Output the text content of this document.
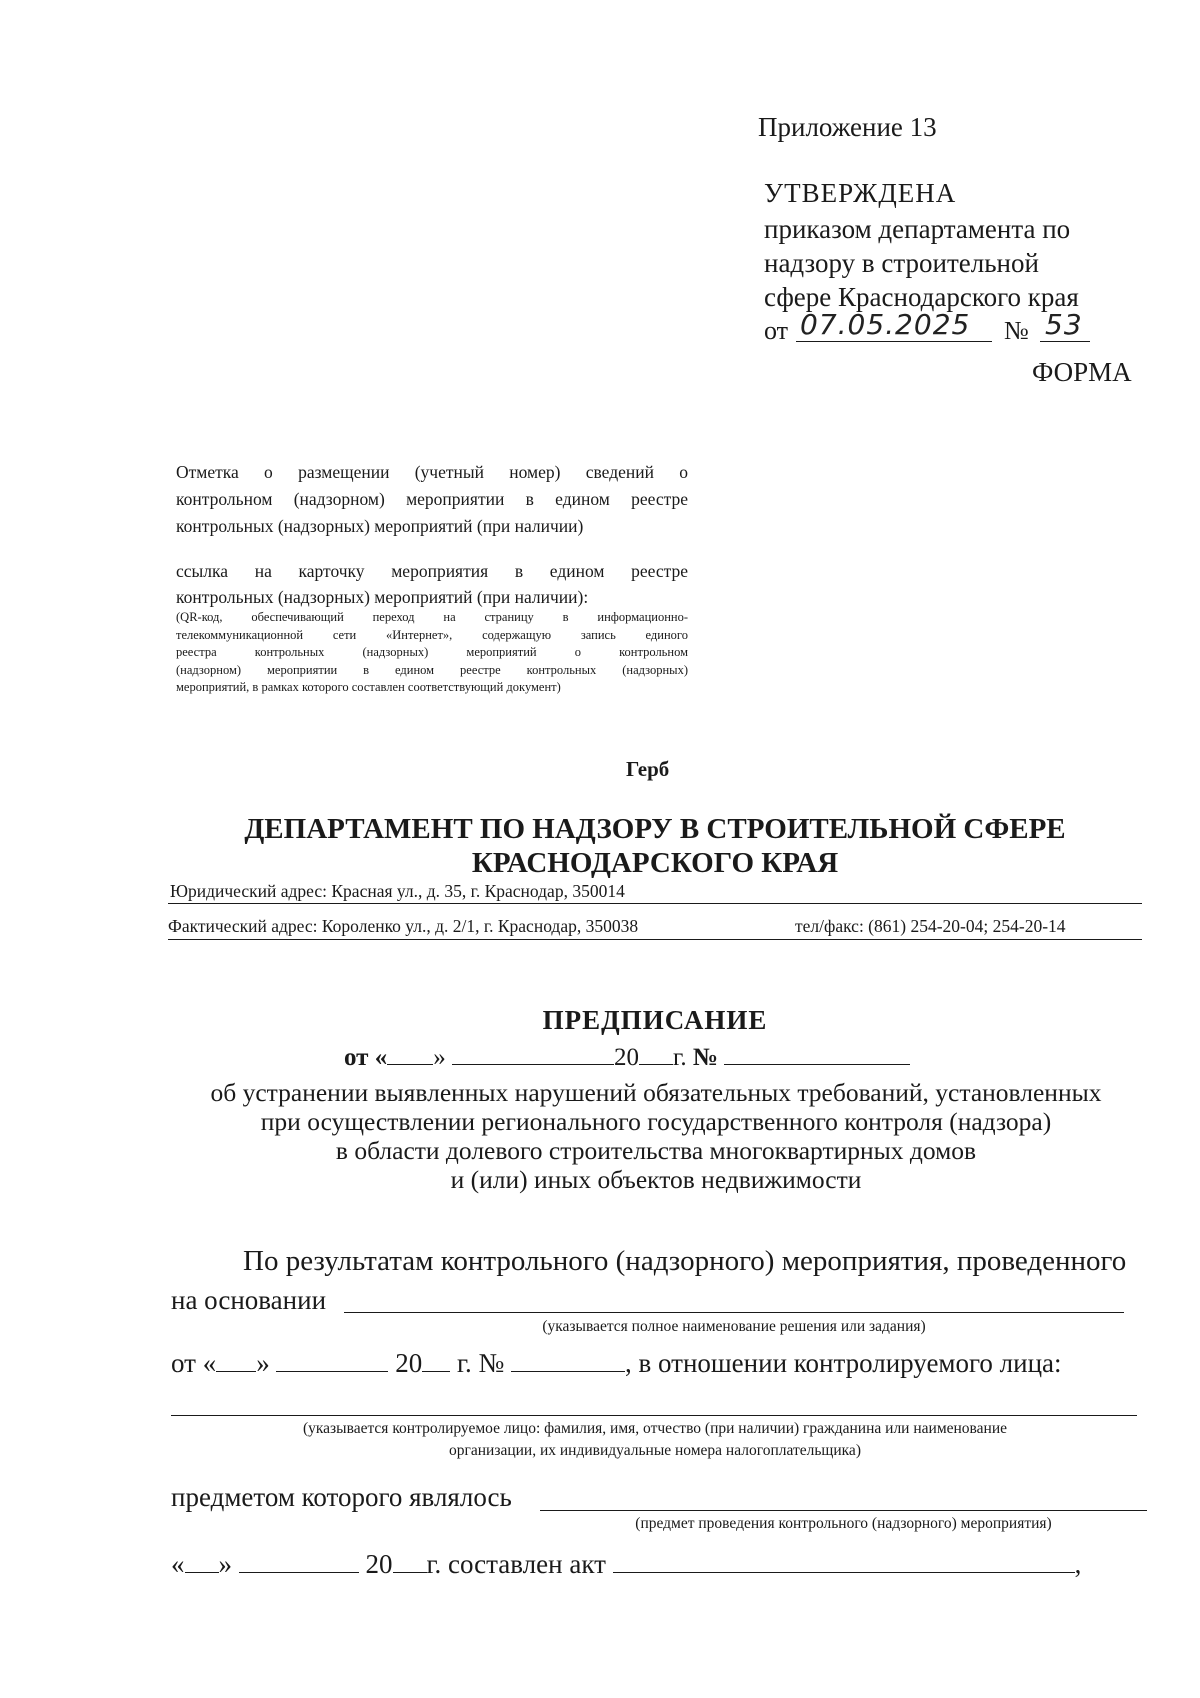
Приложение 13
УТВЕРЖДЕНА
приказом департамента по
надзору в строительной
сфере Краснодарского края
от 07.05.2025 № 53
ФОРМА
Отметка о размещении (учетный номер) сведений о
контрольном (надзорном) мероприятии в едином реестре
контрольных (надзорных) мероприятий (при наличии)
ссылка на карточку мероприятия в едином реестре
контрольных (надзорных) мероприятий (при наличии):
(QR-код, обеспечивающий переход на страницу в информационно-
телекоммуникационной сети «Интернет», содержащую запись единого
реестра контрольных (надзорных) мероприятий о контрольном
(надзорном) мероприятии в едином реестре контрольных (надзорных)
мероприятий, в рамках которого составлен соответствующий документ)
Герб
ДЕПАРТАМЕНТ ПО НАДЗОРУ В СТРОИТЕЛЬНОЙ СФЕРЕ
КРАСНОДАРСКОГО КРАЯ
Юридический адрес: Красная ул., д. 35, г. Краснодар, 350014
Фактический адрес: Короленко ул., д. 2/1, г. Краснодар, 350038	тел/факс: (861) 254-20-04; 254-20-14
ПРЕДПИСАНИЕ
от « »	20 г. №
об устранении выявленных нарушений обязательных требований, установленных
при осуществлении регионального государственного контроля (надзора)
в области долевого строительства многоквартирных домов
и (или) иных объектов недвижимости
По результатам контрольного (надзорного) мероприятия, проведенного
на основании
(указывается полное наименование решения или задания)
от « »	20 г. №	, в отношении контролируемого лица:
(указывается контролируемое лицо: фамилия, имя, отчество (при наличии) гражданина или наименование
организации, их индивидуальные номера налогоплательщика)
предметом которого являлось
(предмет проведения контрольного (надзорного) мероприятия)
« »	20 г. составлен акт	,
